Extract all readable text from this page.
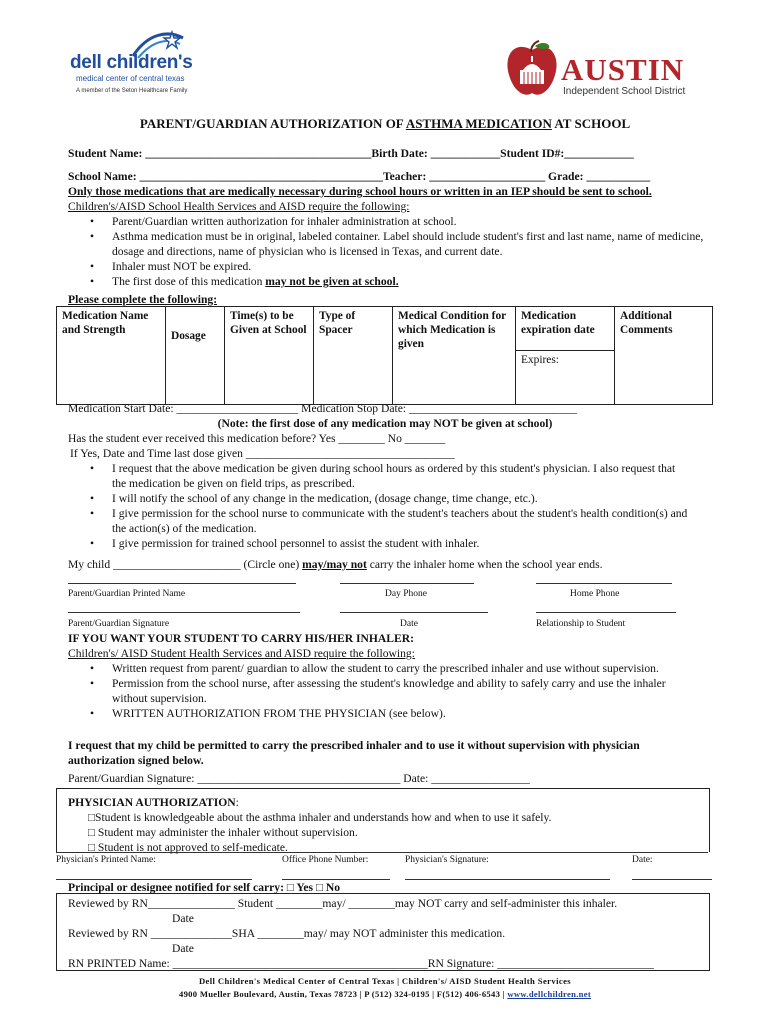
dell children's
medical center of central texas
A member of the Seton Healthcare Family
AUSTIN
Independent School District
PARENT/GUARDIAN AUTHORIZATION OF ASTHMA MEDICATION AT SCHOOL
Student Name: _______________________________________Birth Date: ____________Student ID#:____________
School Name: __________________________________________Teacher: ____________________ Grade: ___________
Only those medications that are medically necessary during school hours or written in an IEP should be sent to school. Children's/AISD School Health Services and AISD require the following:
• Parent/Guardian written authorization for inhaler administration at school.
• Asthma medication must be in original, labeled container. Label should include student's first and last name, name of medicine, dosage and directions, name of physician who is licensed in Texas, and current date.
• Inhaler must NOT be expired.
• The first dose of this medication may not be given at school.
Please complete the following:
Medication Name and Strength	Dosage	Time(s) to be Given at School	Type of Spacer	Medical Condition for which Medication is given	Medication expiration date	Additional Comments
Expires:
Medication Start Date: _____________________ Medication Stop Date: _____________________________
(Note: the first dose of any medication may NOT be given at school)
Has the student ever received this medication before? Yes ________ No _______
If Yes, Date and Time last dose given ____________________________________
• I request that the above medication be given during school hours as ordered by this student's physician. I also request that the medication be given on field trips, as prescribed.
• I will notify the school of any change in the medication, (dosage change, time change, etc.).
• I give permission for the school nurse to communicate with the student's teachers about the student's health condition(s) and the action(s) of the medication.
• I give permission for trained school personnel to assist the student with inhaler.
My child ______________________ (Circle one) may/may not carry the inhaler home when the school year ends.
Parent/Guardian Printed Name	Day Phone	Home Phone
Parent/Guardian Signature	Date	Relationship to Student
IF YOU WANT YOUR STUDENT TO CARRY HIS/HER INHALER:
Children's/ AISD Student Health Services and AISD require the following:
• Written request from parent/ guardian to allow the student to carry the prescribed inhaler and use without supervision.
• Permission from the school nurse, after assessing the student's knowledge and ability to safely carry and use the inhaler without supervision.
• WRITTEN AUTHORIZATION FROM THE PHYSICIAN (see below).
I request that my child be permitted to carry the prescribed inhaler and to use it without supervision with physician authorization signed below.
Parent/Guardian Signature: ___________________________________ Date: _________________
PHYSICIAN AUTHORIZATION:
□Student is knowledgeable about the asthma inhaler and understands how and when to use it safely.
□ Student may administer the inhaler without supervision.
□ Student is not approved to self-medicate.
Physician's Printed Name:	Office Phone Number:	Physician's Signature:	Date:
Principal or designee notified for self carry: □ Yes □ No
Reviewed by RN_______________ Student ________may/ ________may NOT carry and self-administer this inhaler.
Date
Reviewed by RN ______________SHA ________may/ may NOT administer this medication.
Date
RN PRINTED Name: ____________________________________________RN Signature: ___________________________
Dell Children's Medical Center of Central Texas | Children's/ AISD Student Health Services
4900 Mueller Boulevard, Austin, Texas 78723 | P (512) 324-0195 | F(512) 406-6543 | www.dellchildren.net
